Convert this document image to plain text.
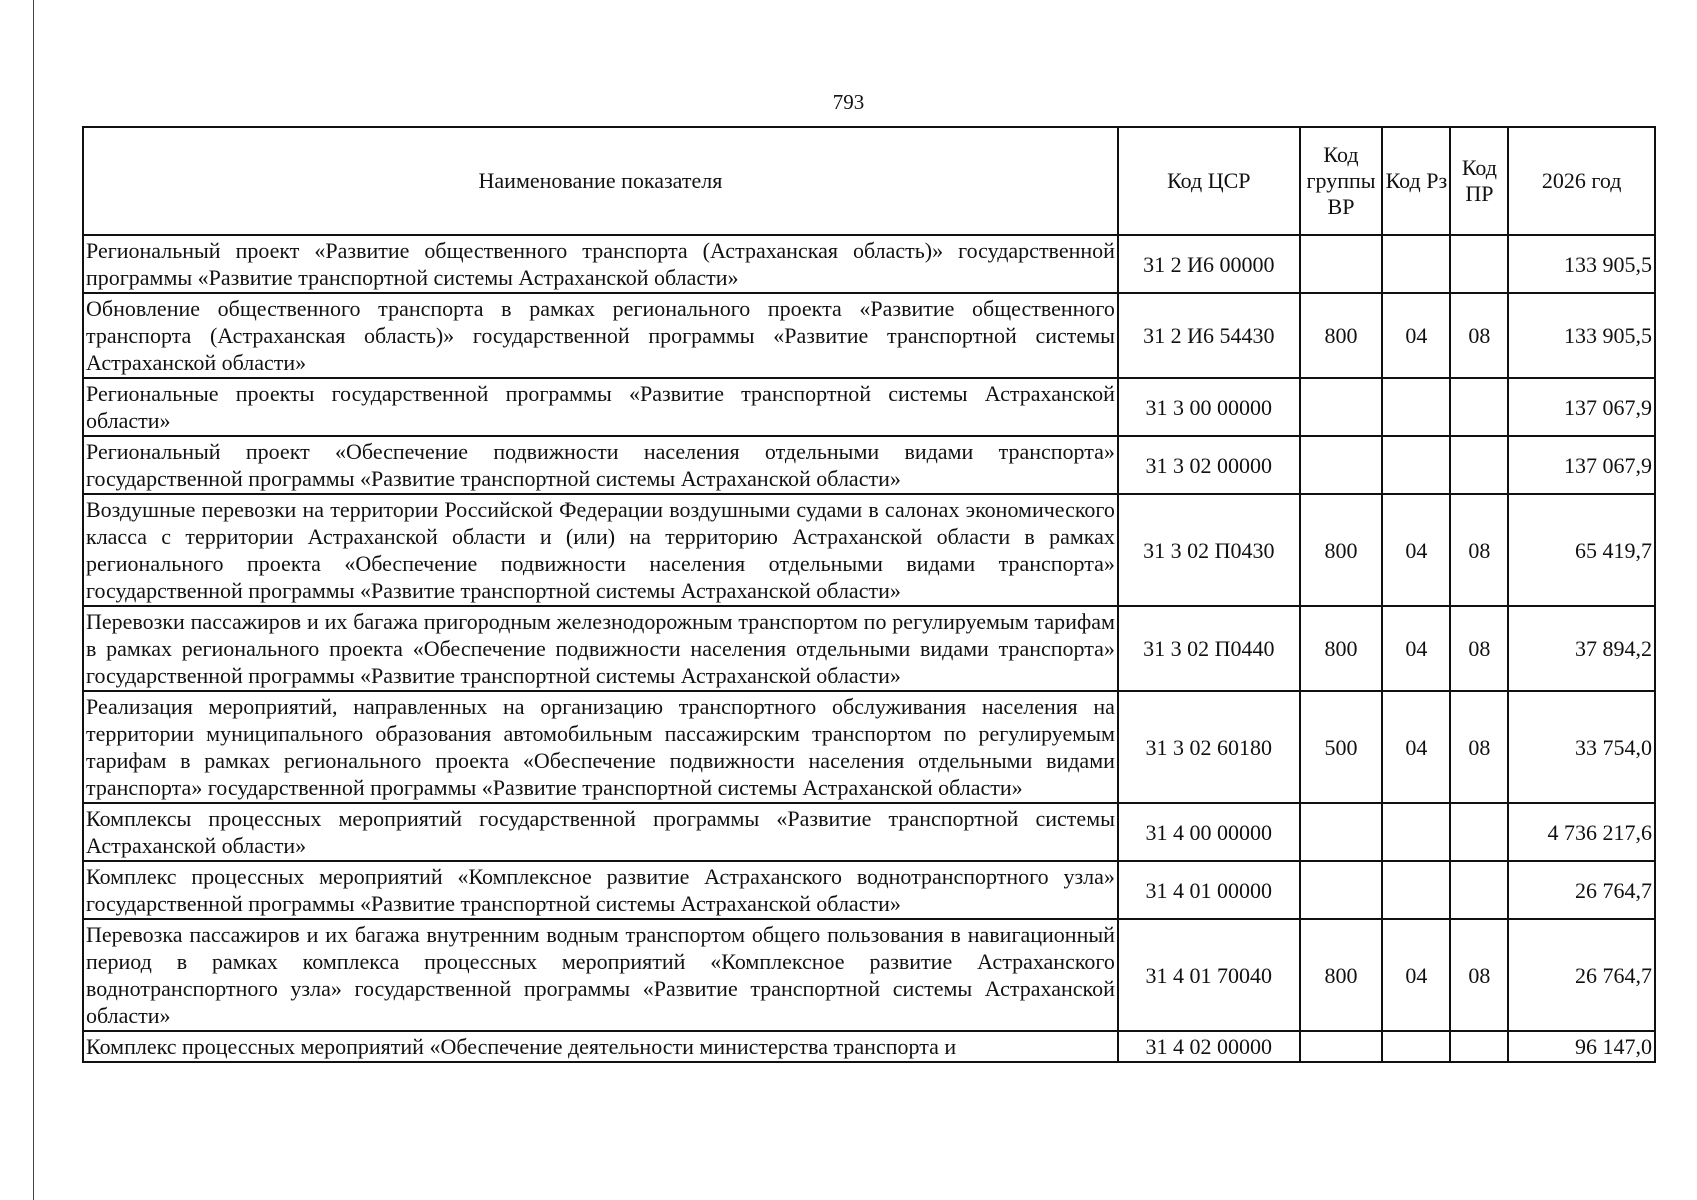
793
Наименование показателя	Код ЦСР	Код группы ВР	Код Рз	Код ПР	2026 год
Региональный проект «Развитие общественного транспорта (Астраханская область)» государственной программы «Развитие транспортной системы Астраханской области»	31 2 И6 00000				133 905,5
Обновление общественного транспорта в рамках регионального проекта «Развитие общественного транспорта (Астраханская область)» государственной программы «Развитие транспортной системы Астраханской области»	31 2 И6 54430	800	04	08	133 905,5
Региональные проекты государственной программы «Развитие транспортной системы Астраханской области»	31 3 00 00000				137 067,9
Региональный проект «Обеспечение подвижности населения отдельными видами транспорта» государственной программы «Развитие транспортной системы Астраханской области»	31 3 02 00000				137 067,9
Воздушные перевозки на территории Российской Федерации воздушными судами в салонах экономического класса с территории Астраханской области и (или) на территорию Астраханской области в рамках регионального проекта «Обеспечение подвижности населения отдельными видами транспорта» государственной программы «Развитие транспортной системы Астраханской области»	31 3 02 П0430	800	04	08	65 419,7
Перевозки пассажиров и их багажа пригородным железнодорожным транспортом по регулируемым тарифам в рамках регионального проекта «Обеспечение подвижности населения отдельными видами транспорта» государственной программы «Развитие транспортной системы Астраханской области»	31 3 02 П0440	800	04	08	37 894,2
Реализация мероприятий, направленных на организацию транспортного обслуживания населения на территории муниципального образования автомобильным пассажирским транспортом по регулируемым тарифам в рамках регионального проекта «Обеспечение подвижности населения отдельными видами транспорта» государственной программы «Развитие транспортной системы Астраханской области»	31 3 02 60180	500	04	08	33 754,0
Комплексы процессных мероприятий государственной программы «Развитие транспортной системы Астраханской области»	31 4 00 00000				4 736 217,6
Комплекс процессных мероприятий «Комплексное развитие Астраханского воднотранспортного узла» государственной программы «Развитие транспортной системы Астраханской области»	31 4 01 00000				26 764,7
Перевозка пассажиров и их багажа внутренним водным транспортом общего пользования в навигационный период в рамках комплекса процессных мероприятий «Комплексное развитие Астраханского воднотранспортного узла» государственной программы «Развитие транспортной системы Астраханской области»	31 4 01 70040	800	04	08	26 764,7
Комплекс процессных мероприятий «Обеспечение деятельности министерства транспорта и	31 4 02 00000				96 147,0
